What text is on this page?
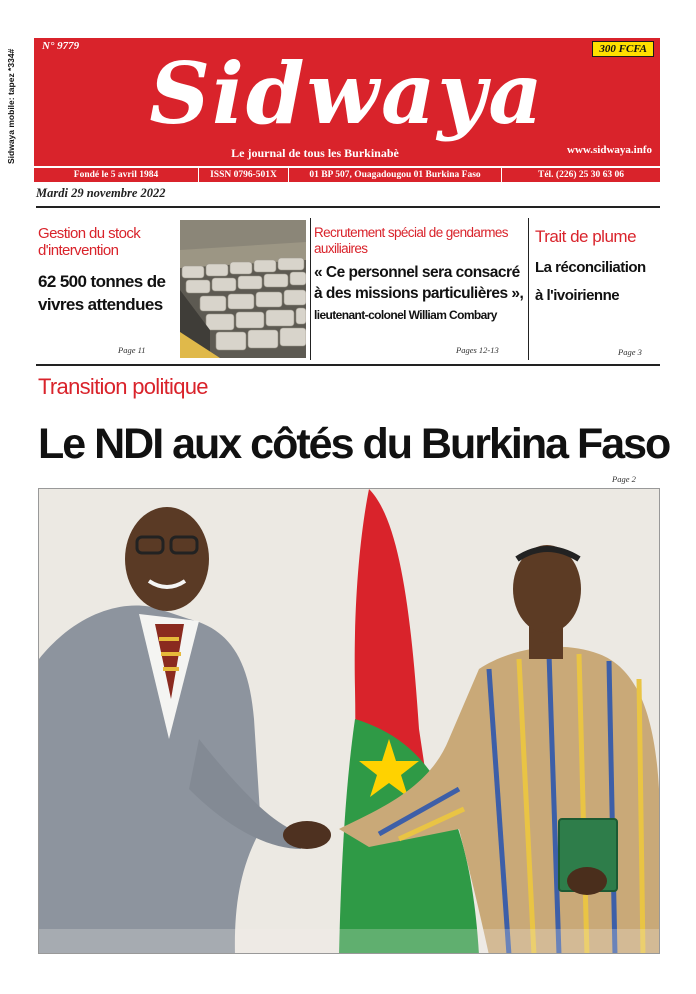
Sidwaya mobile: tapez *334#
N° 9779	300 FCFA
Sidwaya
Le journal de tous les Burkinabè	www.sidwaya.info
Fondé le 5 avril 1984	ISSN 0796-501X	01 BP 507, Ouagadougou 01 Burkina Faso	Tél. (226) 25 30 63 06
Mardi 29 novembre 2022
Gestion du stock d'intervention
62 500 tonnes de vivres attendues
Page 11
Recrutement spécial de gendarmes auxiliaires
« Ce personnel sera consacré à des missions particulières », lieutenant-colonel William Combary
Pages 12-13
Trait de plume
La réconciliation
à l'ivoirienne
Page 3
Transition politique
Le NDI aux côtés du Burkina Faso
Page 2
